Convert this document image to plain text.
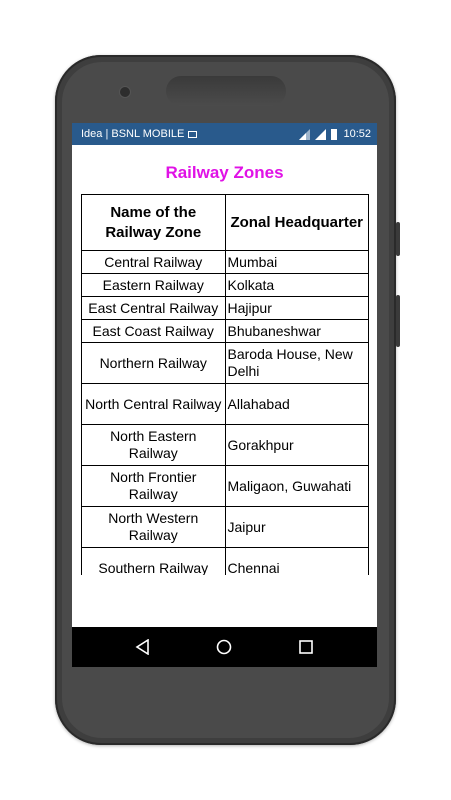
Idea | BSNL MOBILE	10:52
Railway Zones
Name of the Railway Zone	Zonal Headquarter
Central Railway	Mumbai
Eastern Railway	Kolkata
East Central Railway	Hajipur
East Coast Railway	Bhubaneshwar
Northern Railway	Baroda House, New Delhi
North Central Railway	Allahabad
North Eastern Railway	Gorakhpur
North Frontier Railway	Maligaon, Guwahati
North Western Railway	Jaipur
Southern Railway	Chennai
